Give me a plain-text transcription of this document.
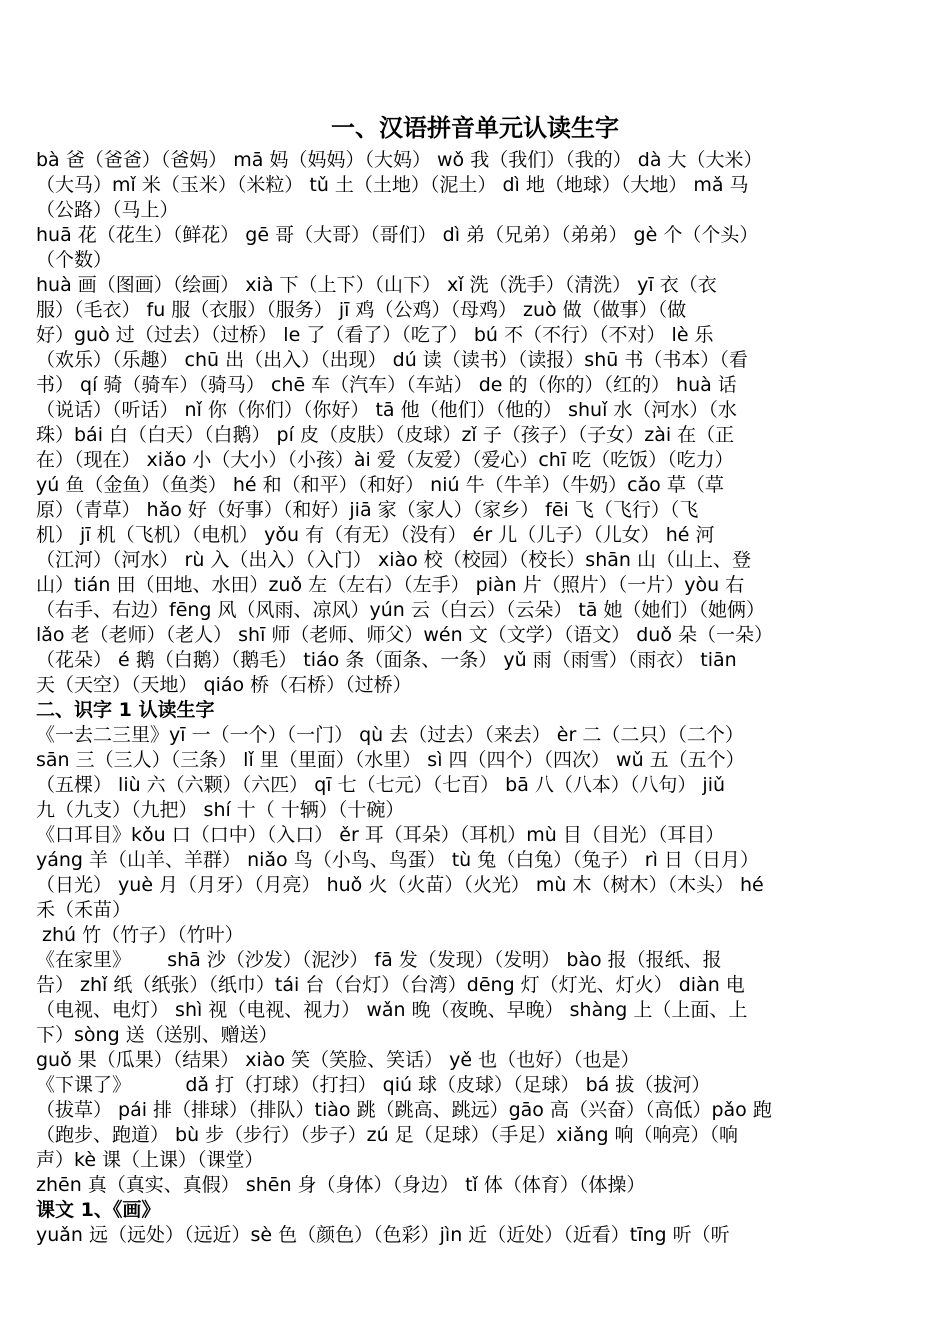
一、汉语拼音单元认读生字
bà 爸（爸爸）（爸妈） mā 妈（妈妈）（大妈） wǒ 我（我们）（我的） dà 大（大米）
（大马）mǐ 米（玉米）（米粒） tǔ 土（土地）（泥土） dì 地（地球）（大地） mǎ 马
（公路）（马上）
huā 花（花生）（鲜花） gē 哥（大哥）（哥们） dì 弟（兄弟）（弟弟） gè 个（个头）
（个数）
huà 画（图画）（绘画） xià 下（上下）（山下） xǐ 洗（洗手）（清洗） yī 衣（衣
服）（毛衣） fu 服（衣服）（服务） jī 鸡（公鸡）（母鸡） zuò 做（做事）（做
好）guò 过（过去）（过桥） le 了（看了）（吃了） bú 不（不行）（不对） lè 乐
（欢乐）（乐趣） chū 出（出入）（出现） dú 读（读书）（读报）shū 书（书本）（看
书） qí 骑（骑车）（骑马） chē 车（汽车）（车站） de 的（你的）（红的） huà 话
（说话）（听话） nǐ 你（你们）（你好） tā 他（他们）（他的） shuǐ 水（河水）（水
珠）bái 白（白天）（白鹅） pí 皮（皮肤）（皮球）zǐ 子（孩子）（子女）zài 在（正
在）（现在） xiǎo 小（大小）（小孩）ài 爱（友爱）（爱心）chī 吃（吃饭）（吃力）
yú 鱼（金鱼）（鱼类） hé 和（和平）（和好） niú 牛（牛羊）（牛奶）cǎo 草（草
原）（青草） hǎo 好（好事）（和好）jiā 家（家人）（家乡） fēi 飞（飞行）（飞
机） jī 机（飞机）（电机） yǒu 有（有无）（没有） ér 儿（儿子）（儿女） hé 河
（江河）（河水） rù 入（出入）（入门） xiào 校（校园）（校长）shān 山（山上、登
山）tián 田（田地、水田）zuǒ 左（左右）（左手） piàn 片（照片）（一片）yòu 右
（右手、右边）fēng 风（风雨、凉风）yún 云（白云）（云朵） tā 她（她们）（她俩）
lǎo 老（老师）（老人） shī 师（老师、师父）wén 文（文学）（语文） duǒ 朵（一朵）
（花朵） é 鹅（白鹅）（鹅毛） tiáo 条（面条、一条） yǔ 雨（雨雪）（雨衣） tiān
天（天空）（天地） qiáo 桥（石桥）（过桥）
二、识字 1 认读生字
《一去二三里》yī 一（一个）（一门） qù 去（过去）（来去） èr 二（二只）（二个）
sān 三（三人）（三条） lǐ 里（里面）（水里） sì 四（四个）（四次） wǔ 五（五个）
（五棵） liù 六（六颗）（六匹） qī 七（七元）（七百） bā 八（八本）（八句） jiǔ
九（九支）（九把） shí 十（ 十辆）（十碗）
《口耳目》kǒu 口（口中）（入口） ěr 耳（耳朵）（耳机）mù 目（目光）（耳目）
yáng 羊（山羊、羊群） niǎo 鸟（小鸟、鸟蛋） tù 兔（白兔）（兔子） rì 日（日月）
（日光） yuè 月（月牙）（月亮） huǒ 火（火苗）（火光） mù 木（树木）（木头） hé
禾（禾苗）
zhú 竹（竹子）（竹叶）
《在家里》      shā 沙（沙发）（泥沙） fā 发（发现）（发明） bào 报（报纸、报
告） zhǐ 纸（纸张）（纸巾）tái 台（台灯）（台湾）dēng 灯（灯光、灯火） diàn 电
（电视、电灯） shì 视（电视、视力） wǎn 晚（夜晚、早晚） shàng 上（上面、上
下）sòng 送（送别、赠送）
guǒ 果（瓜果）（结果） xiào 笑（笑脸、笑话） yě 也（也好）（也是）
《下课了》         dǎ 打（打球）（打扫） qiú 球（皮球）（足球） bá 拔（拔河）
（拔草） pái 排（排球）（排队）tiào 跳（跳高、跳远）gāo 高（兴奋）（高低）pǎo 跑
（跑步、跑道） bù 步（步行）（步子）zú 足（足球）（手足）xiǎng 响（响亮）（响
声）kè 课（上课）（课堂）
zhēn 真（真实、真假） shēn 身（身体）（身边） tǐ 体（体育）（体操）
课文 1、《画》
yuǎn 远（远处）（远近）sè 色（颜色）（色彩）jìn 近（近处）（近看）tīng 听（听
